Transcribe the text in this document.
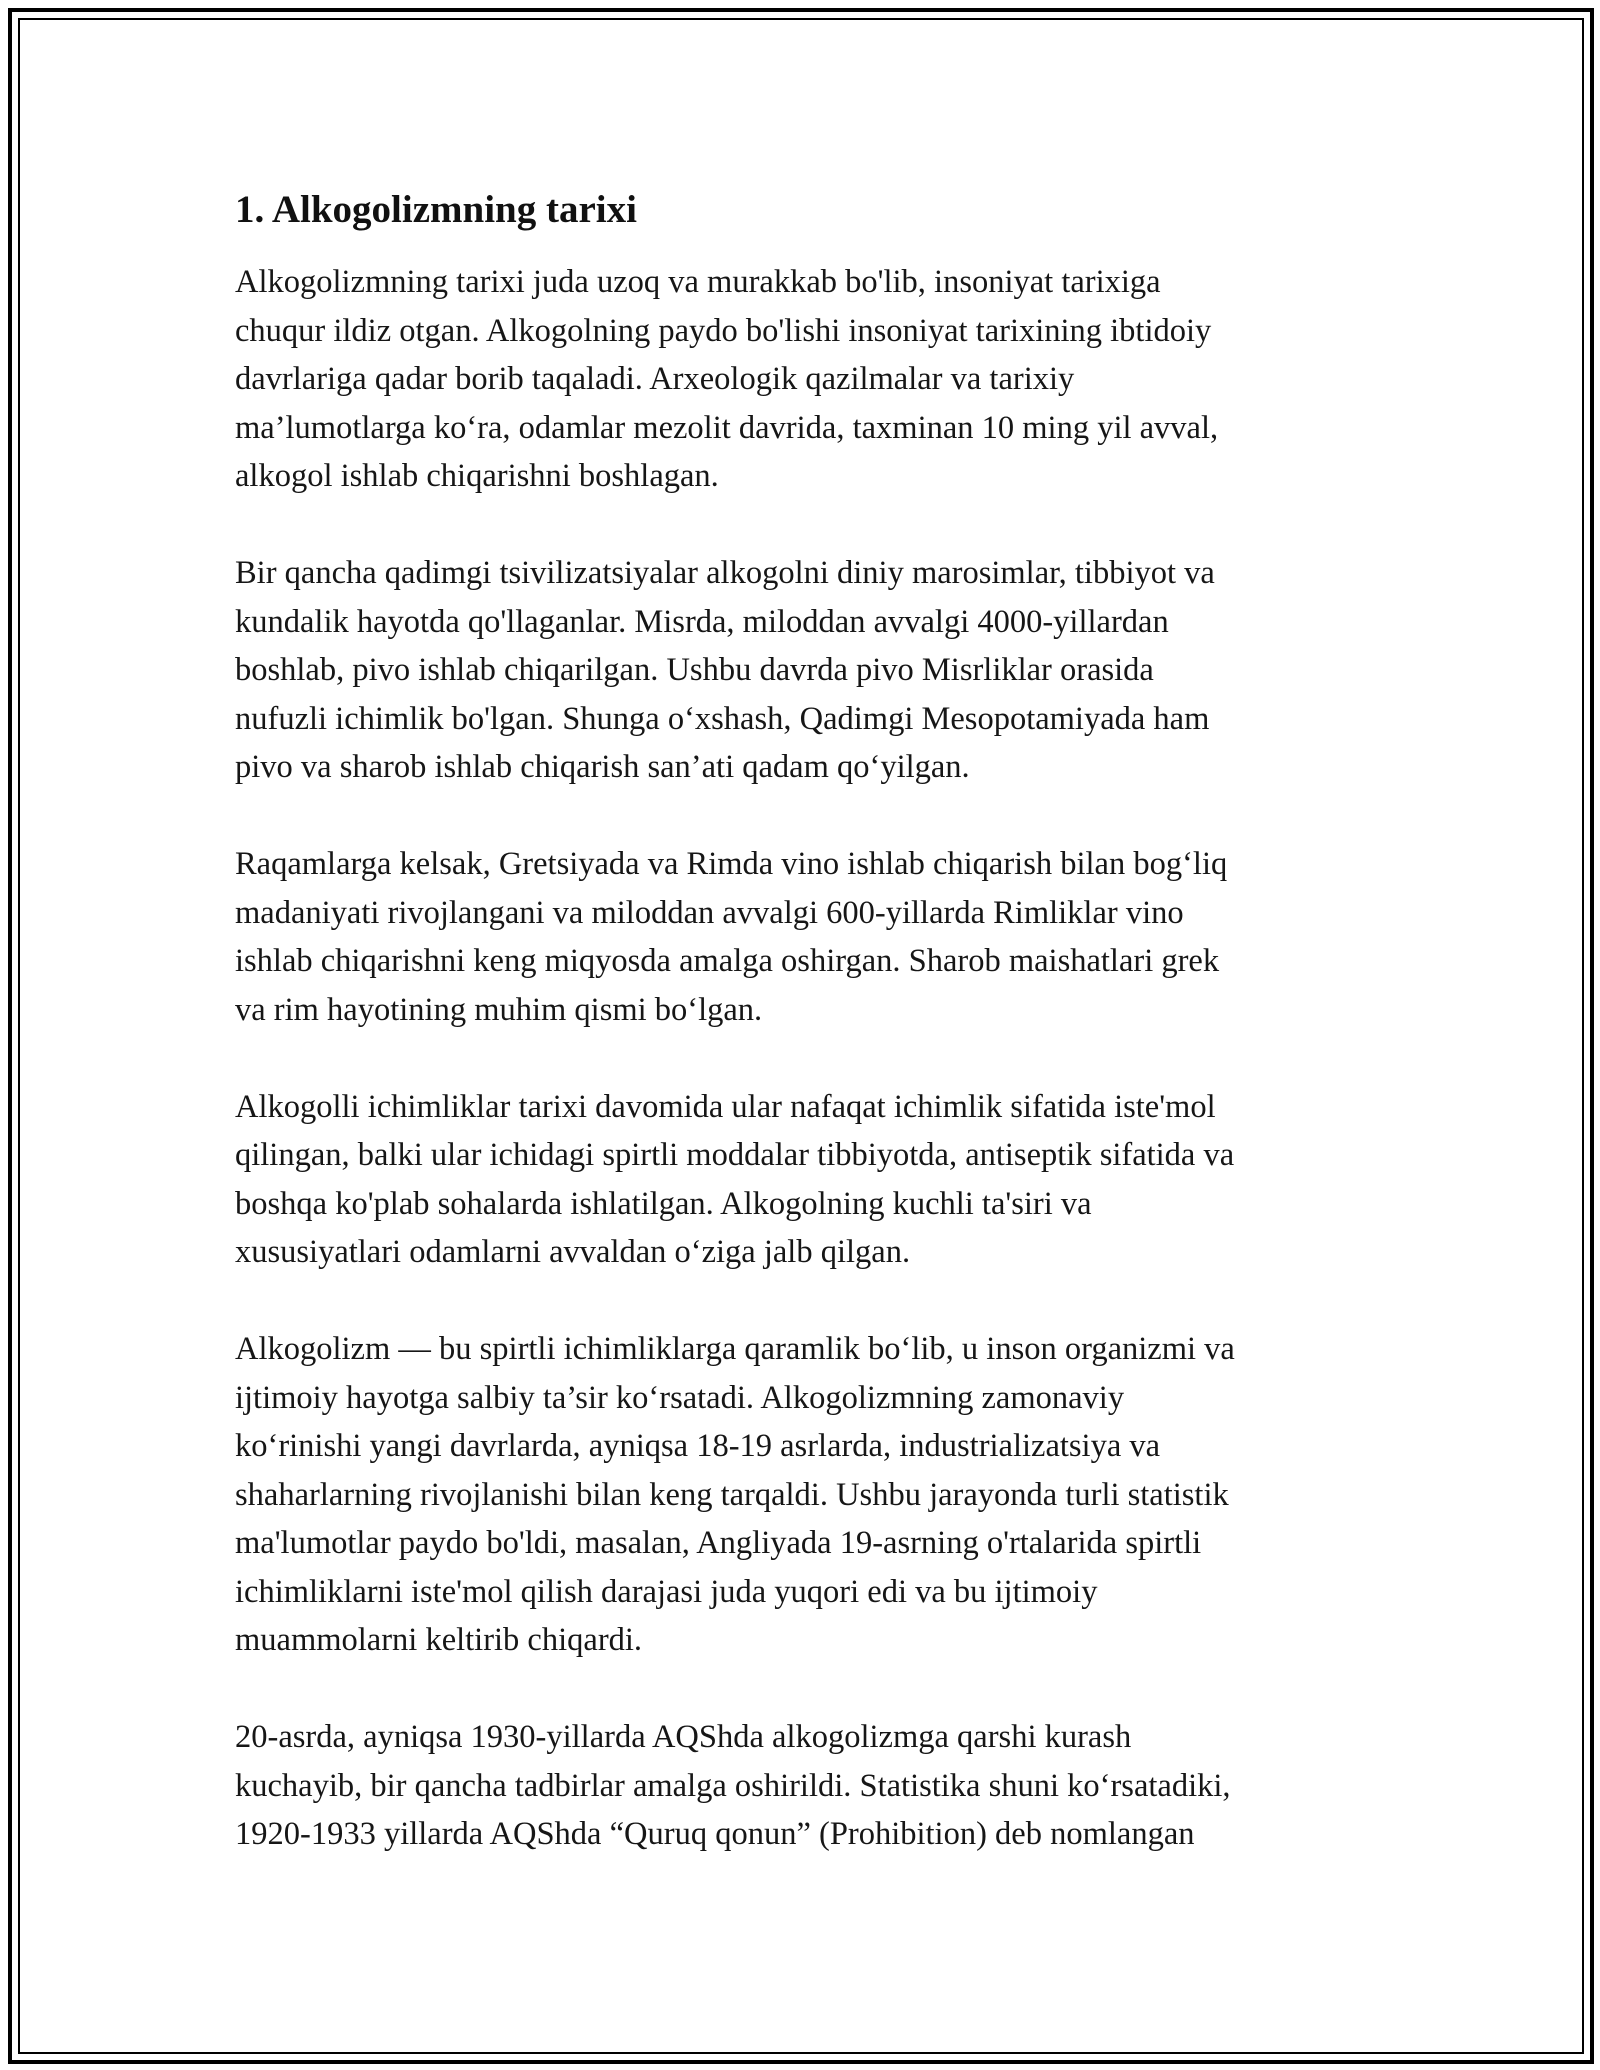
1. Alkogolizmning tarixi

Alkogolizmning tarixi juda uzoq va murakkab bo'lib, insoniyat tarixiga
chuqur ildiz otgan. Alkogolning paydo bo'lishi insoniyat tarixining ibtidoiy
davrlariga qadar borib taqaladi. Arxeologik qazilmalar va tarixiy
ma’lumotlarga ko‘ra, odamlar mezolit davrida, taxminan 10 ming yil avval,
alkogol ishlab chiqarishni boshlagan.

Bir qancha qadimgi tsivilizatsiyalar alkogolni diniy marosimlar, tibbiyot va
kundalik hayotda qo'llaganlar. Misrda, miloddan avvalgi 4000-yillardan
boshlab, pivo ishlab chiqarilgan. Ushbu davrda pivo Misrliklar orasida
nufuzli ichimlik bo'lgan. Shunga o‘xshash, Qadimgi Mesopotamiyada ham
pivo va sharob ishlab chiqarish san’ati qadam qo‘yilgan.

Raqamlarga kelsak, Gretsiyada va Rimda vino ishlab chiqarish bilan bog‘liq
madaniyati rivojlangani va miloddan avvalgi 600-yillarda Rimliklar vino
ishlab chiqarishni keng miqyosda amalga oshirgan. Sharob maishatlari grek
va rim hayotining muhim qismi bo‘lgan.

Alkogolli ichimliklar tarixi davomida ular nafaqat ichimlik sifatida iste'mol
qilingan, balki ular ichidagi spirtli moddalar tibbiyotda, antiseptik sifatida va
boshqa ko'plab sohalarda ishlatilgan. Alkogolning kuchli ta'siri va
xususiyatlari odamlarni avvaldan o‘ziga jalb qilgan.

Alkogolizm — bu spirtli ichimliklarga qaramlik bo‘lib, u inson organizmi va
ijtimoiy hayotga salbiy ta’sir ko‘rsatadi. Alkogolizmning zamonaviy
ko‘rinishi yangi davrlarda, ayniqsa 18-19 asrlarda, industrializatsiya va
shaharlarning rivojlanishi bilan keng tarqaldi. Ushbu jarayonda turli statistik
ma'lumotlar paydo bo'ldi, masalan, Angliyada 19-asrning o'rtalarida spirtli
ichimliklarni iste'mol qilish darajasi juda yuqori edi va bu ijtimoiy
muammolarni keltirib chiqardi.

20-asrda, ayniqsa 1930-yillarda AQShda alkogolizmga qarshi kurash
kuchayib, bir qancha tadbirlar amalga oshirildi. Statistika shuni ko‘rsatadiki,
1920-1933 yillarda AQShda “Quruq qonun” (Prohibition) deb nomlangan
